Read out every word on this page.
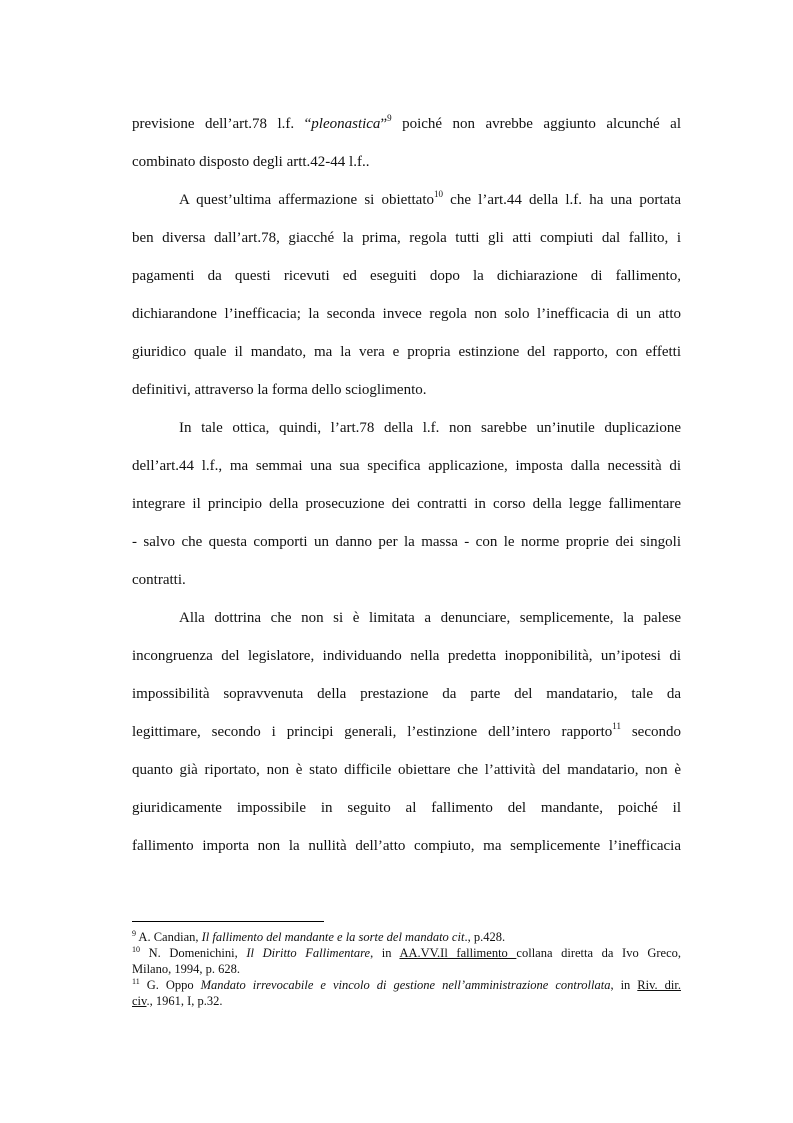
previsione dell’art.78 l.f. “pleonastica”$^9$ poiché non avrebbe aggiunto alcunché al
combinato disposto degli artt.42-44 l.f..
A quest’ultima affermazione si obiettato$^{10}$ che l’art.44 della l.f. ha una portata
ben diversa dall’art.78, giacché la prima, regola tutti gli atti compiuti dal fallito, i
pagamenti da questi ricevuti ed eseguiti dopo la dichiarazione di fallimento,
dichiarandone l’inefficacia; la seconda invece regola non solo l’inefficacia di un atto
giuridico quale il mandato, ma la vera e propria estinzione del rapporto, con effetti
definitivi, attraverso la forma dello scioglimento.
In tale ottica, quindi, l’art.78 della l.f. non sarebbe un’inutile duplicazione
dell’art.44 l.f., ma semmai una sua specifica applicazione, imposta dalla necessità di
integrare il principio della prosecuzione dei contratti in corso della legge fallimentare
- salvo che questa comporti un danno per la massa - con le norme proprie dei singoli
contratti.
Alla dottrina che non si è limitata a denunciare, semplicemente, la palese
incongruenza del legislatore, individuando nella predetta inopponibilità, un’ipotesi di
impossibilità sopravvenuta della prestazione da parte del mandatario, tale da
legittimare, secondo i principi generali, l’estinzione dell’intero rapporto$^{11}$ secondo
quanto già riportato, non è stato difficile obiettare che l’attività del mandatario, non è
giuridicamente impossibile in seguito al fallimento del mandante, poiché il
fallimento importa non la nullità dell’atto compiuto, ma semplicemente l’inefficacia
$^9$ A. Candian, Il fallimento del mandante e la sorte del mandato cit., p.428.
$^{10}$ N. Domenichini, Il Diritto Fallimentare, in AA.VV.Il fallimento collana diretta da Ivo Greco,
Milano, 1994, p. 628.
$^{11}$ G. Oppo Mandato irrevocabile e vincolo di gestione nell’amministrazione controllata, in Riv. dir.
civ., 1961, I, p.32.
